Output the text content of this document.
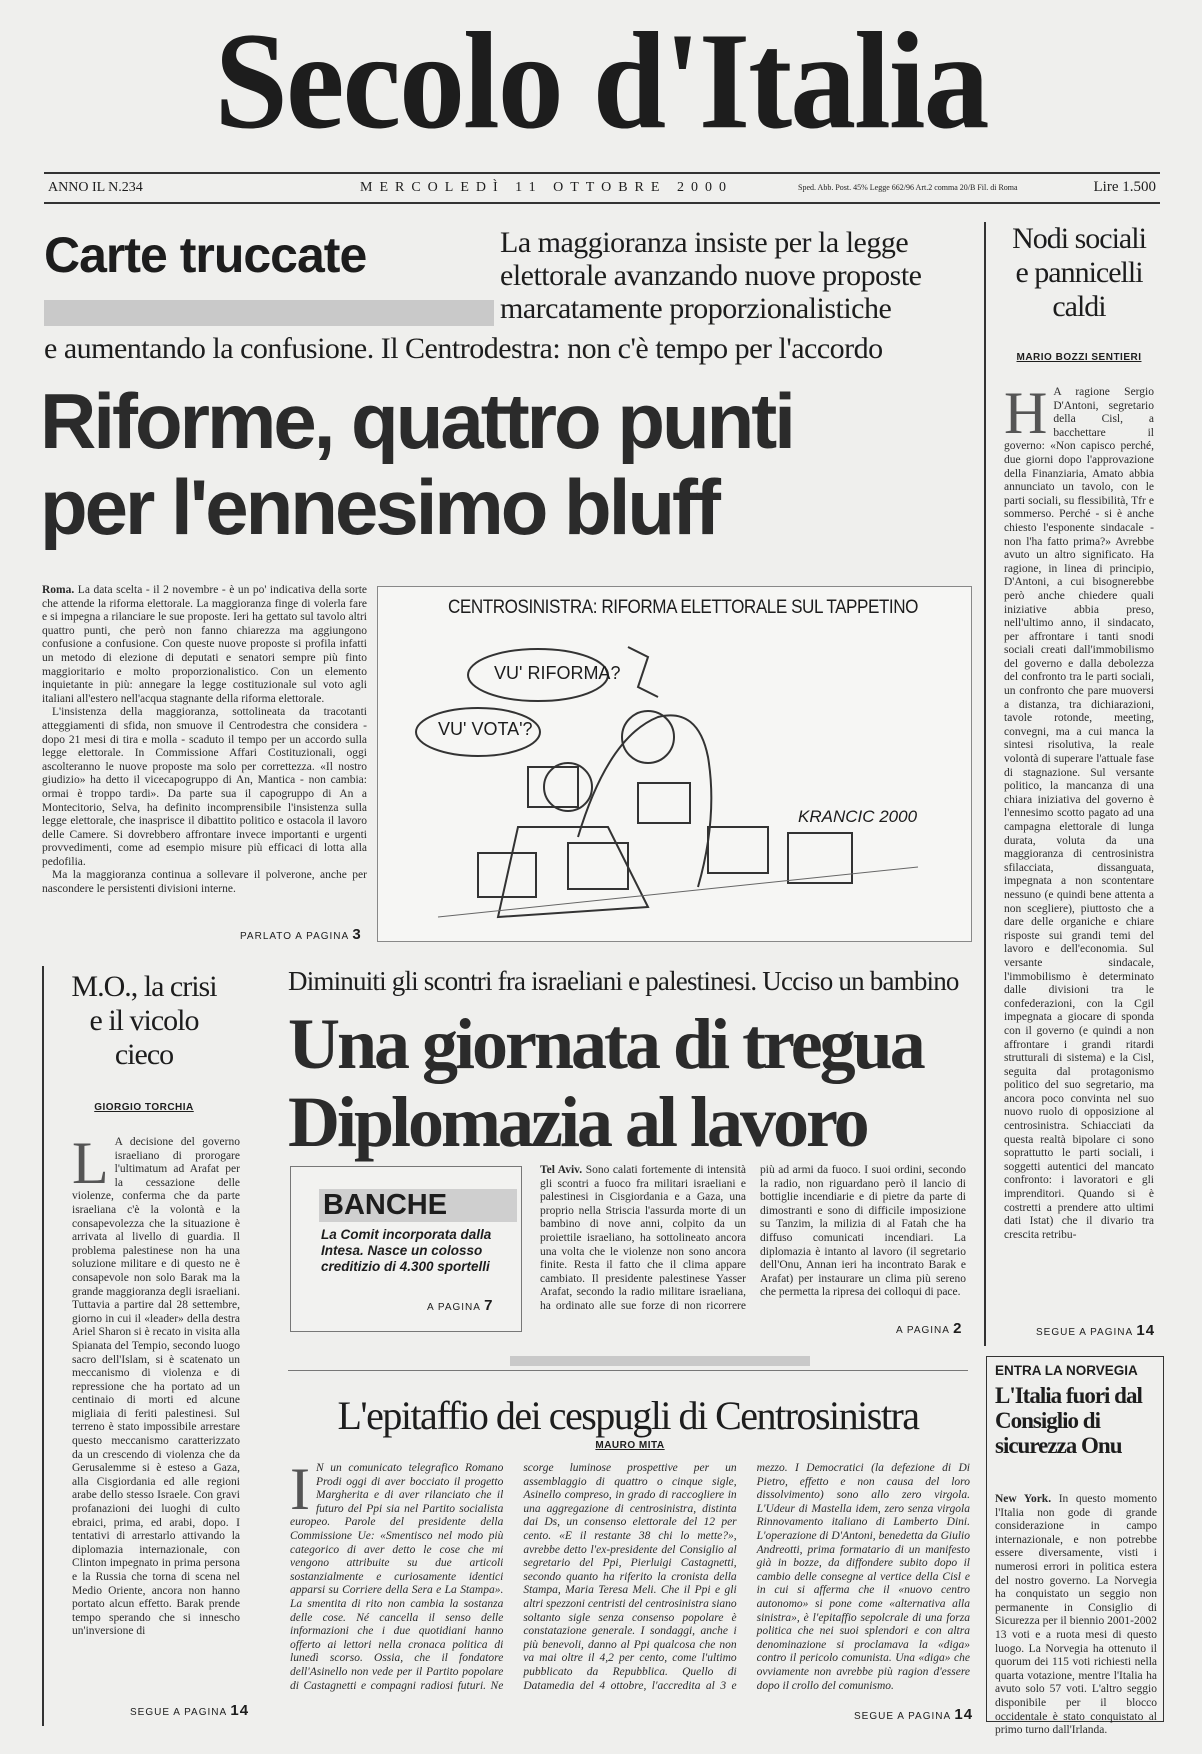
Secolo d'Italia
ANNO IL N.234	MERCOLEDÌ 11 OTTOBRE 2000	Sped. Abb. Post. 45% Legge 662/96 Art.2 comma 20/B Fil. di Roma	Lire 1.500
Carte truccate	La maggioranza insiste per la legge elettorale avanzando nuove proposte marcatamente proporzionalistiche
e aumentando la confusione. Il Centrodestra: non c'è tempo per l'accordo
Riforme, quattro punti
per l'ennesimo bluff

Roma. La data scelta - il 2 novembre - è un po' indicativa della sorte che attende la riforma elettorale. La maggioranza finge di volerla fare e si impegna a rilanciare le sue proposte. Ieri ha gettato sul tavolo altri quattro punti, che però non fanno chiarezza ma aggiungono confusione a confusione. Con queste nuove proposte si profila infatti un metodo di elezione di deputati e senatori sempre più finto maggioritario e molto proporzionalistico. Con un elemento inquietante in più: annegare la legge costituzionale sul voto agli italiani all'estero nell'acqua stagnante della riforma elettorale.

L'insistenza della maggioranza, sottolineata da tracotanti atteggiamenti di sfida, non smuove il Centrodestra che considera - dopo 21 mesi di tira e molla - scaduto il tempo per un accordo sulla legge elettorale. In Commissione Affari Costituzionali, oggi ascolteranno le nuove proposte ma solo per correttezza. «Il nostro giudizio» ha detto il vicecapogruppo di An, Mantica - non cambia: ormai è troppo tardi». Da parte sua il capogruppo di An a Montecitorio, Selva, ha definito incomprensibile l'insistenza sulla legge elettorale, che inasprisce il dibattito politico e ostacola il lavoro delle Camere. Si dovrebbero affrontare invece importanti e urgenti provvedimenti, come ad esempio misure più efficaci di lotta alla pedofilia.

Ma la maggioranza continua a sollevare il polverone, anche per nascondere le persistenti divisioni interne.

PARLATO A PAGINA 3
CENTROSINISTRA: RIFORMA ELETTORALE SUL TAPPETINO
VU' RIFORMA?
VU' VOTA'?
KRANCIC 2000
Nodi sociali
e pannicelli
caldi
MARIO BOZZI SENTIERI
H A ragione Sergio D'Antoni, segretario della Cisl, a bacchettare il governo: «Non capisco perché, due giorni dopo l'approvazione della Finanziaria, Amato abbia annunciato un tavolo, con le parti sociali, su flessibilità, Tfr e sommerso. Perché - si è anche chiesto l'esponente sindacale - non l'ha fatto prima?» Avrebbe avuto un altro significato. Ha ragione, in linea di principio, D'Antoni, a cui bisognerebbe però anche chiedere quali iniziative abbia preso, nell'ultimo anno, il sindacato, per affrontare i tanti snodi sociali creati dall'immobilismo del governo e dalla debolezza del confronto tra le parti sociali, un confronto che pare muoversi a distanza, tra dichiarazioni, tavole rotonde, meeting, convegni, ma a cui manca la sintesi risolutiva, la reale volontà di superare l'attuale fase di stagnazione. Sul versante politico, la mancanza di una chiara iniziativa del governo è l'ennesimo scotto pagato ad una campagna elettorale di lunga durata, voluta da una maggioranza di centrosinistra sfilacciata, dissanguata, impegnata a non scontentare nessuno (e quindi bene attenta a non scegliere), piuttosto che a dare delle organiche e chiare risposte sui grandi temi del lavoro e dell'economia. Sul versante sindacale, l'immobilismo è determinato dalle divisioni tra le confederazioni, con la Cgil impegnata a giocare di sponda con il governo (e quindi a non affrontare i grandi ritardi strutturali di sistema) e la Cisl, seguita dal protagonismo politico del suo segretario, ma ancora poco convinta nel suo nuovo ruolo di opposizione al centrosinistra. Schiacciati da questa realtà bipolare ci sono soprattutto le parti sociali, i soggetti autentici del mancato confronto: i lavoratori e gli imprenditori. Quando si è costretti a prendere atto ultimi dati Istat) che il divario tra crescita retribu-
SEGUE A PAGINA 14
M.O., la crisi
e il vicolo
cieco
GIORGIO TORCHIA
L A decisione del governo israeliano di prorogare l'ultimatum ad Arafat per la cessazione delle violenze, conferma che da parte israeliana c'è la volontà e la consapevolezza che la situazione è arrivata al livello di guardia. Il problema palestinese non ha una soluzione militare e di questo ne è consapevole non solo Barak ma la grande maggioranza degli israeliani. Tuttavia a partire dal 28 settembre, giorno in cui il «leader» della destra Ariel Sharon si è recato in visita alla Spianata del Tempio, secondo luogo sacro dell'Islam, si è scatenato un meccanismo di violenza e di repressione che ha portato ad un centinaio di morti ed alcune migliaia di feriti palestinesi. Sul terreno è stato impossibile arrestare questo meccanismo caratterizzato da un crescendo di violenza che da Gerusalemme si è esteso a Gaza, alla Cisgiordania ed alle regioni arabe dello stesso Israele. Con gravi profanazioni dei luoghi di culto ebraici, prima, ed arabi, dopo. I tentativi di arrestarlo attivando la diplomazia internazionale, con Clinton impegnato in prima persona e la Russia che torna di scena nel Medio Oriente, ancora non hanno portato alcun effetto. Barak prende tempo sperando che si innescho un'inversione di
SEGUE A PAGINA 14
Diminuiti gli scontri fra israeliani e palestinesi. Ucciso un bambino
Una giornata di tregua
Diplomazia al lavoro
BANCHE
La Comit incorporata dalla Intesa. Nasce un colosso creditizio di 4.300 sportelli
A PAGINA 7
Tel Aviv. Sono calati fortemente di intensità gli scontri a fuoco fra militari israeliani e palestinesi in Cisgiordania e a Gaza, una proprio nella Striscia l'assurda morte di un bambino di nove anni, colpito da un proiettile israeliano, ha sottolineato ancora una volta che le violenze non sono ancora finite. Resta il fatto che il clima appare cambiato. Il presidente palestinese Yasser Arafat, secondo la radio militare israeliana, ha ordinato alle sue forze di non ricorrere più ad armi da fuoco. I suoi ordini, secondo la radio, non riguardano però il lancio di bottiglie incendiarie e di pietre da parte di dimostranti e sono di difficile imposizione su Tanzim, la milizia di al Fatah che ha diffuso comunicati incendiari. La diplomazia è intanto al lavoro (il segretario dell'Onu, Annan ieri ha incontrato Barak e Arafat) per instaurare un clima più sereno che permetta la ripresa dei colloqui di pace.
A PAGINA 2
L'epitaffio dei cespugli di Centrosinistra
MAURO MITA
I N un comunicato telegrafico Romano Prodi oggi di aver bocciato il progetto Margherita e di aver rilanciato che il futuro del Ppi sia nel Partito socialista europeo. Parole del presidente della Commissione Ue: «Smentisco nel modo più categorico di aver detto le cose che mi vengono attribuite su due articoli sostanzialmente e curiosamente identici apparsi su Corriere della Sera e La Stampa». La smentita di rito non cambia la sostanza delle cose. Né cancella il senso delle informazioni che i due quotidiani hanno offerto ai lettori nella cronaca politica di lunedì scorso. Ossia, che il fondatore dell'Asinello non vede per il Partito popolare di Castagnetti e compagni radiosi futuri. Ne scorge luminose prospettive per un assemblaggio di quattro o cinque sigle, Asinello compreso, in grado di raccogliere in una aggregazione di centrosinistra, distinta dai Ds, un consenso elettorale del 12 per cento. «E il restante 38 chi lo mette?», avrebbe detto l'ex-presidente del Consiglio al segretario del Ppi, Pierluigi Castagnetti, secondo quanto ha riferito la cronista della Stampa, Maria Teresa Meli. Che il Ppi e gli altri spezzoni centristi del centrosinistra siano soltanto sigle senza consenso popolare è constatazione generale. I sondaggi, anche i più benevoli, danno al Ppi qualcosa che non va mai oltre il 4,2 per cento, come l'ultimo pubblicato da Repubblica. Quello di Datamedia del 4 ottobre, l'accredita al 3 e mezzo. I Democratici (la defezione di Di Pietro, effetto e non causa del loro dissolvimento) sono allo zero virgola. L'Udeur di Mastella idem, zero senza virgola Rinnovamento italiano di Lamberto Dini. L'operazione di D'Antoni, benedetta da Giulio Andreotti, prima formatario di un manifesto già in bozze, da diffondere subito dopo il cambio delle consegne al vertice della Cisl e in cui si afferma che il «nuovo centro autonomo» si pone come «alternativa alla sinistra», è l'epitaffio sepolcrale di una forza politica che nei suoi splendori e con altra denominazione si proclamava la «diga» contro il pericolo comunista. Una «diga» che ovviamente non avrebbe più ragion d'essere dopo il crollo del comunismo.
SEGUE A PAGINA 14
ENTRA LA NORVEGIA
L'Italia fuori dal Consiglio di sicurezza Onu
New York. In questo momento l'Italia non gode di grande considerazione in campo internazionale, e non potrebbe essere diversamente, visti i numerosi errori in politica estera del nostro governo. La Norvegia ha conquistato un seggio non permanente in Consiglio di Sicurezza per il biennio 2001-2002 13 voti e a ruota mesi di questo luogo. La Norvegia ha ottenuto il quorum dei 115 voti richiesti nella quarta votazione, mentre l'Italia ha avuto solo 57 voti. L'altro seggio disponibile per il blocco occidentale è stato conquistato al primo turno dall'Irlanda.
